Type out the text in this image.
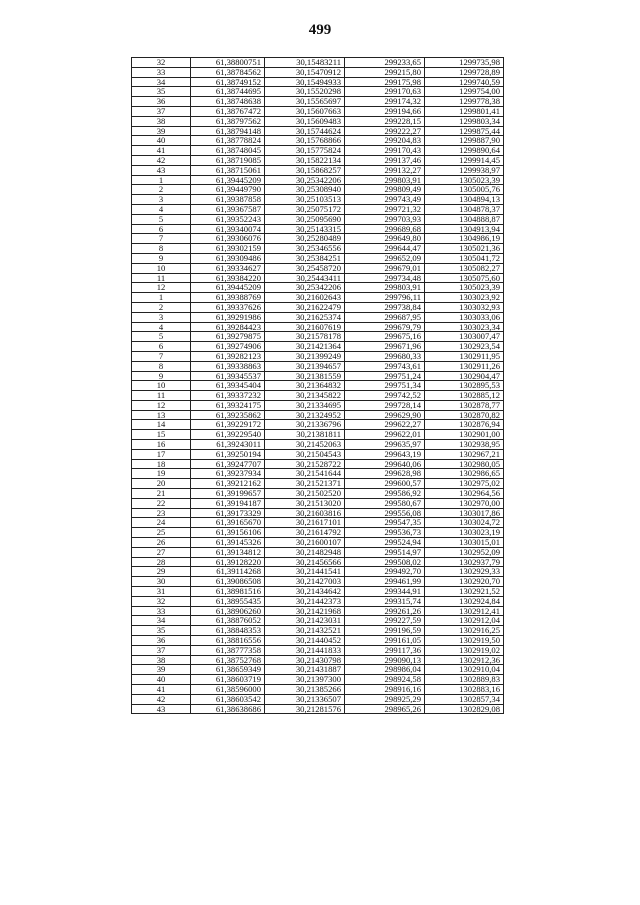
499
32	61,38800751	30,15483211	299233,65	1299735,98
33	61,38784562	30,15470912	299215,80	1299728,89
34	61,38749152	30,15494933	299175,98	1299740,59
35	61,38744695	30,15520298	299170,63	1299754,00
36	61,38748638	30,15565697	299174,32	1299778,38
37	61,38767472	30,15607663	299194,66	1299801,41
38	61,38797562	30,15609483	299228,15	1299803,34
39	61,38794148	30,15744624	299222,27	1299875,44
40	61,38778824	30,15768866	299204,83	1299887,90
41	61,38748045	30,15775824	299170,43	1299890,64
42	61,38719085	30,15822134	299137,46	1299914,45
43	61,38715061	30,15868257	299132,27	1299938,97
1	61,39445209	30,25342206	299803,91	1305023,39
2	61,39449790	30,25308940	299809,49	1305005,76
3	61,39387858	30,25103513	299743,49	1304894,13
4	61,39367587	30,25075172	299721,32	1304878,37
5	61,39352243	30,25095690	299703,93	1304888,87
6	61,39340074	30,25143315	299689,68	1304913,94
7	61,39306076	30,25280489	299649,80	1304986,19
8	61,39302159	30,25346556	299644,47	1305021,36
9	61,39309486	30,25384251	299652,09	1305041,72
10	61,39334627	30,25458720	299679,01	1305082,27
11	61,39384220	30,25443411	299734,48	1305075,60
12	61,39445209	30,25342206	299803,91	1305023,39
1	61,39388769	30,21602643	299796,11	1303023,92
2	61,39337626	30,21622479	299738,84	1303032,93
3	61,39291986	30,21625374	299687,95	1303033,06
4	61,39284423	30,21607619	299679,79	1303023,34
5	61,39279875	30,21578178	299675,16	1303007,47
6	61,39274906	30,21421364	299671,96	1302923,54
7	61,39282123	30,21399249	299680,33	1302911,95
8	61,39338863	30,21394657	299743,61	1302911,26
9	61,39345537	30,21381559	299751,24	1302904,47
10	61,39345404	30,21364832	299751,34	1302895,53
11	61,39337232	30,21345822	299742,52	1302885,12
12	61,39324175	30,21334695	299728,14	1302878,77
13	61,39235862	30,21324952	299629,90	1302870,82
14	61,39229172	30,21336796	299622,27	1302876,94
15	61,39229540	30,21381811	299622,01	1302901,00
16	61,39243011	30,21452063	299635,97	1302938,95
17	61,39250194	30,21504543	299643,19	1302967,21
18	61,39247707	30,21528722	299640,06	1302980,05
19	61,39237934	30,21541644	299628,98	1302986,65
20	61,39212162	30,21521371	299600,57	1302975,02
21	61,39199657	30,21502520	299586,92	1302964,56
22	61,39194187	30,21513020	299580,67	1302970,00
23	61,39173329	30,21603816	299556,08	1303017,86
24	61,39165670	30,21617101	299547,35	1303024,72
25	61,39156106	30,21614792	299536,73	1303023,19
26	61,39145326	30,21600107	299524,94	1303015,01
27	61,39134812	30,21482948	299514,97	1302952,09
28	61,39128220	30,21456566	299508,02	1302937,79
29	61,39114268	30,21441541	299492,70	1302929,33
30	61,39086508	30,21427003	299461,99	1302920,70
31	61,38981516	30,21434642	299344,91	1302921,52
32	61,38955435	30,21442373	299315,74	1302924,84
33	61,38906260	30,21421968	299261,26	1302912,41
34	61,38876052	30,21423031	299227,59	1302912,04
35	61,38848353	30,21432521	299196,59	1302916,25
36	61,38816556	30,21440452	299161,05	1302919,50
37	61,38777358	30,21441833	299117,36	1302919,02
38	61,38752768	30,21430798	299090,13	1302912,36
39	61,38659349	30,21431887	298986,04	1302910,04
40	61,38603719	30,21397300	298924,58	1302889,83
41	61,38596000	30,21385266	298916,16	1302883,16
42	61,38603542	30,21336507	298925,29	1302857,34
43	61,38638686	30,21281576	298965,26	1302829,08
